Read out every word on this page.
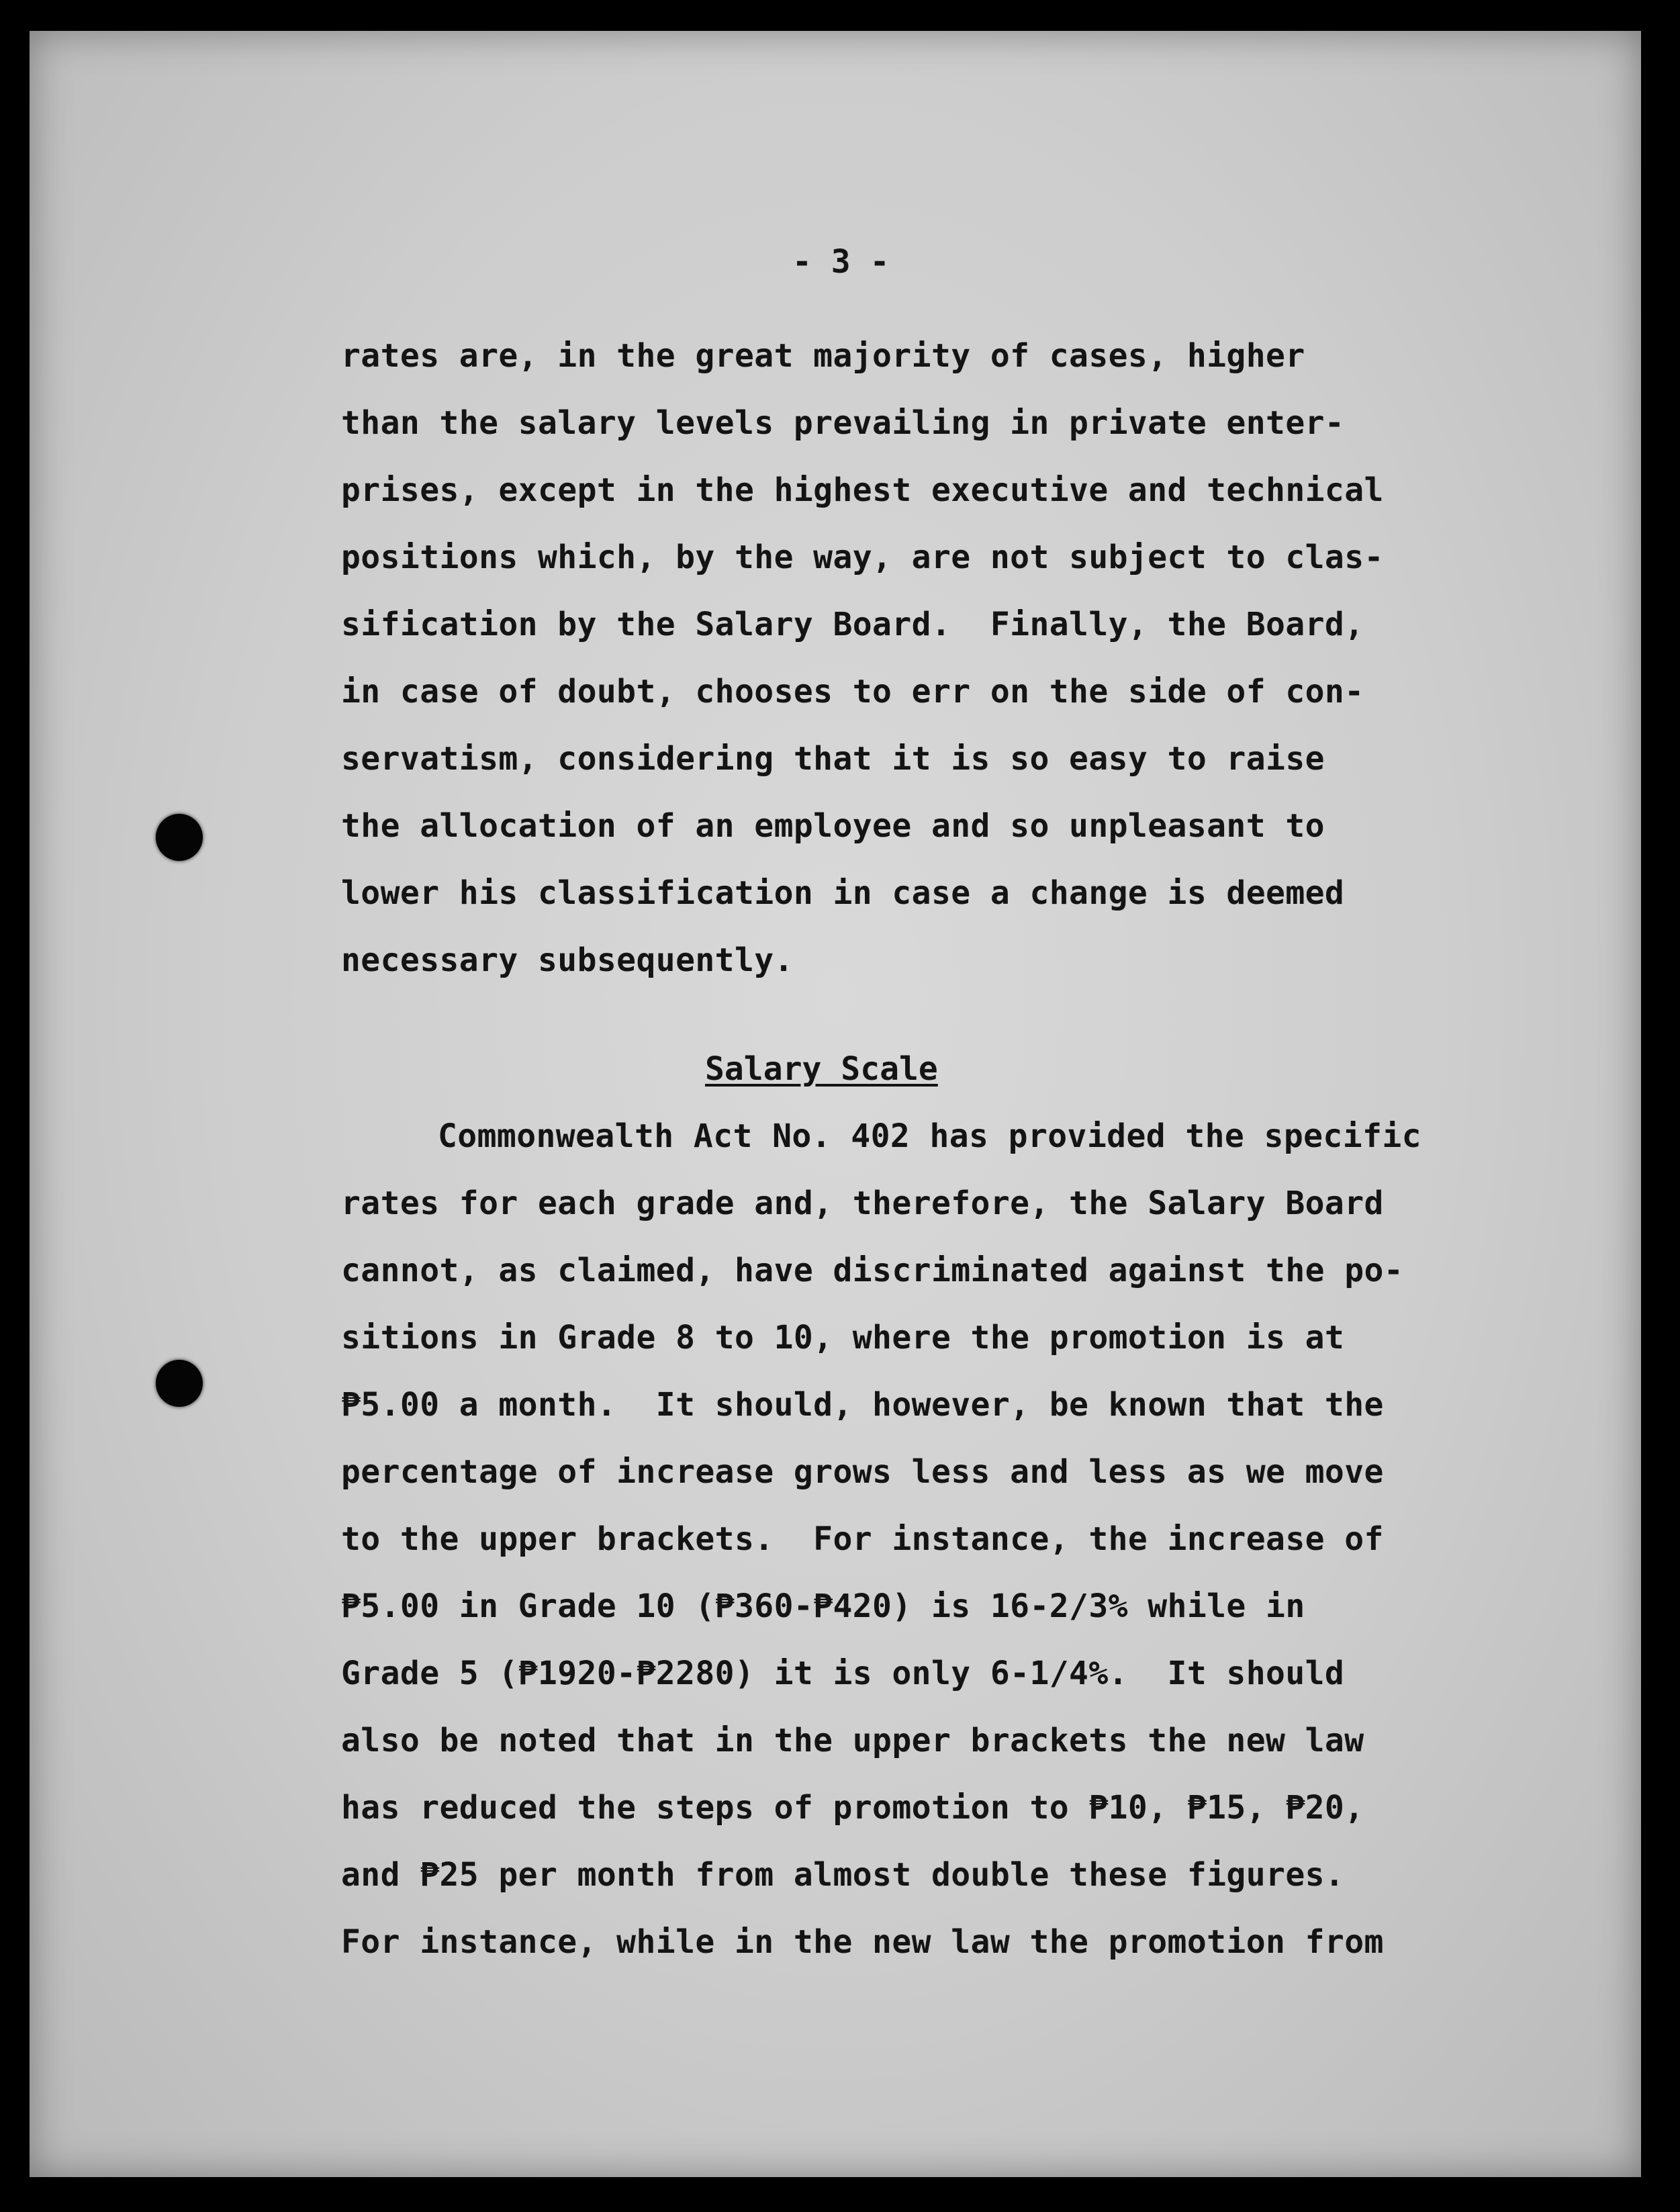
- 3 -
rates are, in the great majority of cases, higher
than the salary levels prevailing in private enter-
prises, except in the highest executive and technical
positions which, by the way, are not subject to clas-
sification by the Salary Board.  Finally, the Board,
in case of doubt, chooses to err on the side of con-
servatism, considering that it is so easy to raise
the allocation of an employee and so unpleasant to
lower his classification in case a change is deemed
necessary subsequently.
Salary Scale
Commonwealth Act No. 402 has provided the specific
rates for each grade and, therefore, the Salary Board
cannot, as claimed, have discriminated against the po-
sitions in Grade 8 to 10, where the promotion is at
₱5.00 a month.  It should, however, be known that the
percentage of increase grows less and less as we move
to the upper brackets.  For instance, the increase of
₱5.00 in Grade 10 (₱360-₱420) is 16-2/3% while in
Grade 5 (₱1920-₱2280) it is only 6-1/4%.  It should
also be noted that in the upper brackets the new law
has reduced the steps of promotion to ₱10, ₱15, ₱20,
and ₱25 per month from almost double these figures.
For instance, while in the new law the promotion from
